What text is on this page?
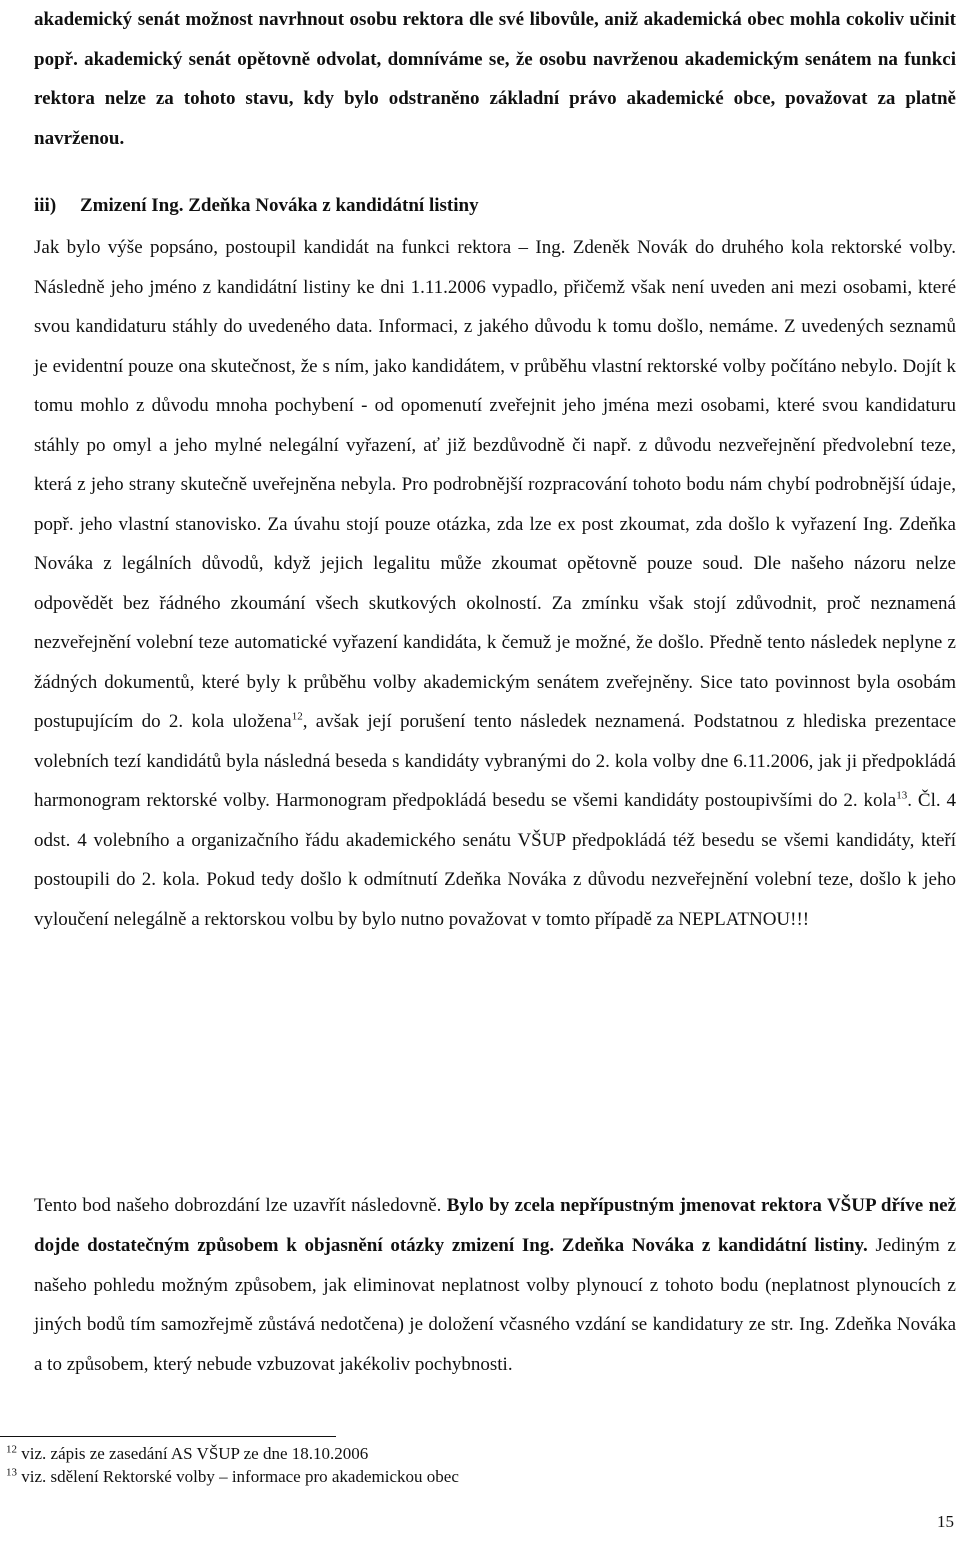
akademický senát možnost navrhnout osobu rektora dle své libovůle, aniž akademická obec mohla cokoliv učinit popř. akademický senát opětovně odvolat, domníváme se, že osobu navrženou akademickým senátem na funkci rektora nelze za tohoto stavu, kdy bylo odstraněno základní právo akademické obce, považovat za platně navrženou.

iii) Zmizení Ing. Zdeňka Nováka z kandidátní listiny

Jak bylo výše popsáno, postoupil kandidát na funkci rektora – Ing. Zdeněk Novák do druhého kola rektorské volby. Následně jeho jméno z kandidátní listiny ke dni 1.11.2006 vypadlo, přičemž však není uveden ani mezi osobami, které svou kandidaturu stáhly do uvedeného data. Informaci, z jakého důvodu k tomu došlo, nemáme. Z uvedených seznamů je evidentní pouze ona skutečnost, že s ním, jako kandidátem, v průběhu vlastní rektorské volby počítáno nebylo. Dojít k tomu mohlo z důvodu mnoha pochybení - od opomenutí zveřejnit jeho jména mezi osobami, které svou kandidaturu stáhly po omyl a jeho mylné nelegální vyřazení, ať již bezdůvodně či např. z důvodu nezveřejnění předvolební teze, která z jeho strany skutečně uveřejněna nebyla. Pro podrobnější rozpracování tohoto bodu nám chybí podrobnější údaje, popř. jeho vlastní stanovisko. Za úvahu stojí pouze otázka, zda lze ex post zkoumat, zda došlo k vyřazení Ing. Zdeňka Nováka z legálních důvodů, když jejich legalitu může zkoumat opětovně pouze soud. Dle našeho názoru nelze odpovědět bez řádného zkoumání všech skutkových okolností. Za zmínku však stojí zdůvodnit, proč neznamená nezveřejnění volební teze automatické vyřazení kandidáta, k čemuž je možné, že došlo. Předně tento následek neplyne z žádných dokumentů, které byly k průběhu volby akademickým senátem zveřejněny. Sice tato povinnost byla osobám postupujícím do 2. kola uložena$^{12}$, avšak její porušení tento následek neznamená. Podstatnou z hlediska prezentace volebních tezí kandidátů byla následná beseda s kandidáty vybranými do 2. kola volby dne 6.11.2006, jak ji předpokládá harmonogram rektorské volby. Harmonogram předpokládá besedu se všemi kandidáty postoupivšími do 2. kola$^{13}$. Čl. 4 odst. 4 volebního a organizačního řádu akademického senátu VŠUP předpokládá též besedu se všemi kandidáty, kteří postoupili do 2. kola. Pokud tedy došlo k odmítnutí Zdeňka Nováka z důvodu nezveřejnění volební teze, došlo k jeho vyloučení nelegálně a rektorskou volbu by bylo nutno považovat v tomto případě za NEPLATNOU!!!

Tento bod našeho dobrozdání lze uzavřít následovně. Bylo by zcela nepřípustným jmenovat rektora VŠUP dříve než dojde dostatečným způsobem k objasnění otázky zmizení Ing. Zdeňka Nováka z kandidátní listiny. Jediným z našeho pohledu možným způsobem, jak eliminovat neplatnost volby plynoucí z tohoto bodu (neplatnost plynoucích z jiných bodů tím samozřejmě zůstává nedotčena) je doložení včasného vzdání se kandidatury ze str. Ing. Zdeňka Nováka a to způsobem, který nebude vzbuzovat jakékoliv pochybnosti.

$^{12}$ viz. zápis ze zasedání AS VŠUP ze dne 18.10.2006
$^{13}$ viz. sdělení Rektorské volby – informace pro akademickou obec
15
